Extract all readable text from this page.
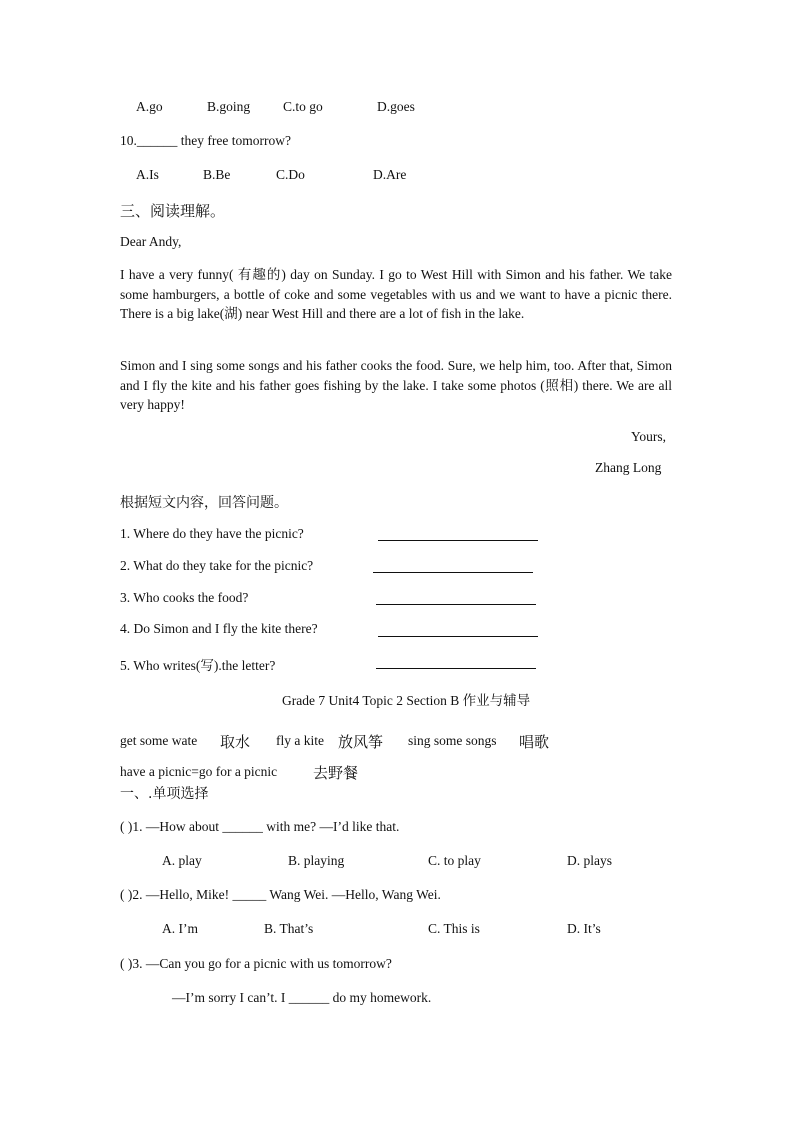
A.go	B.going C.to go	D.goes
10.______ they free tomorrow?
A.Is	B.Be	C.Do	D.Are
三、阅读理解。
Dear Andy,
I have a very funny( 有趣的) day on Sunday. I go to West Hill with Simon and his father. We take some hamburgers, a bottle of coke and some vegetables with us and we want to have a picnic there. There is a big lake(湖) near West Hill and there are a lot of fish in the lake.
Simon and I sing some songs and his father cooks the food. Sure, we help him, too. After that, Simon and I fly the kite and his father goes fishing by the lake. I take some photos (照相) there. We are all very happy!
Yours,
Zhang Long
根据短文内容，回答问题。
1. Where do they have the picnic?
2. What do they take for the picnic?
3. Who cooks the food?
4. Do Simon and I fly the kite there?
5. Who writes(写).the letter?
Grade 7 Unit4 Topic 2 Section B 作业与辅导
get some wate 取水 fly a kite 放风筝 sing some songs 唱歌
have a picnic=go for a picnic 去野餐
一、.单项选择
( )1. —How about ______ with me? —I’d like that.
A. play	B. playing	C. to play	D. plays
( )2. —Hello, Mike! _____ Wang Wei. —Hello, Wang Wei.
A. I’m	B. That’s	C. This is	D. It’s
( )3. —Can you go for a picnic with us tomorrow?
—I’m sorry I can’t. I ______ do my homework.
